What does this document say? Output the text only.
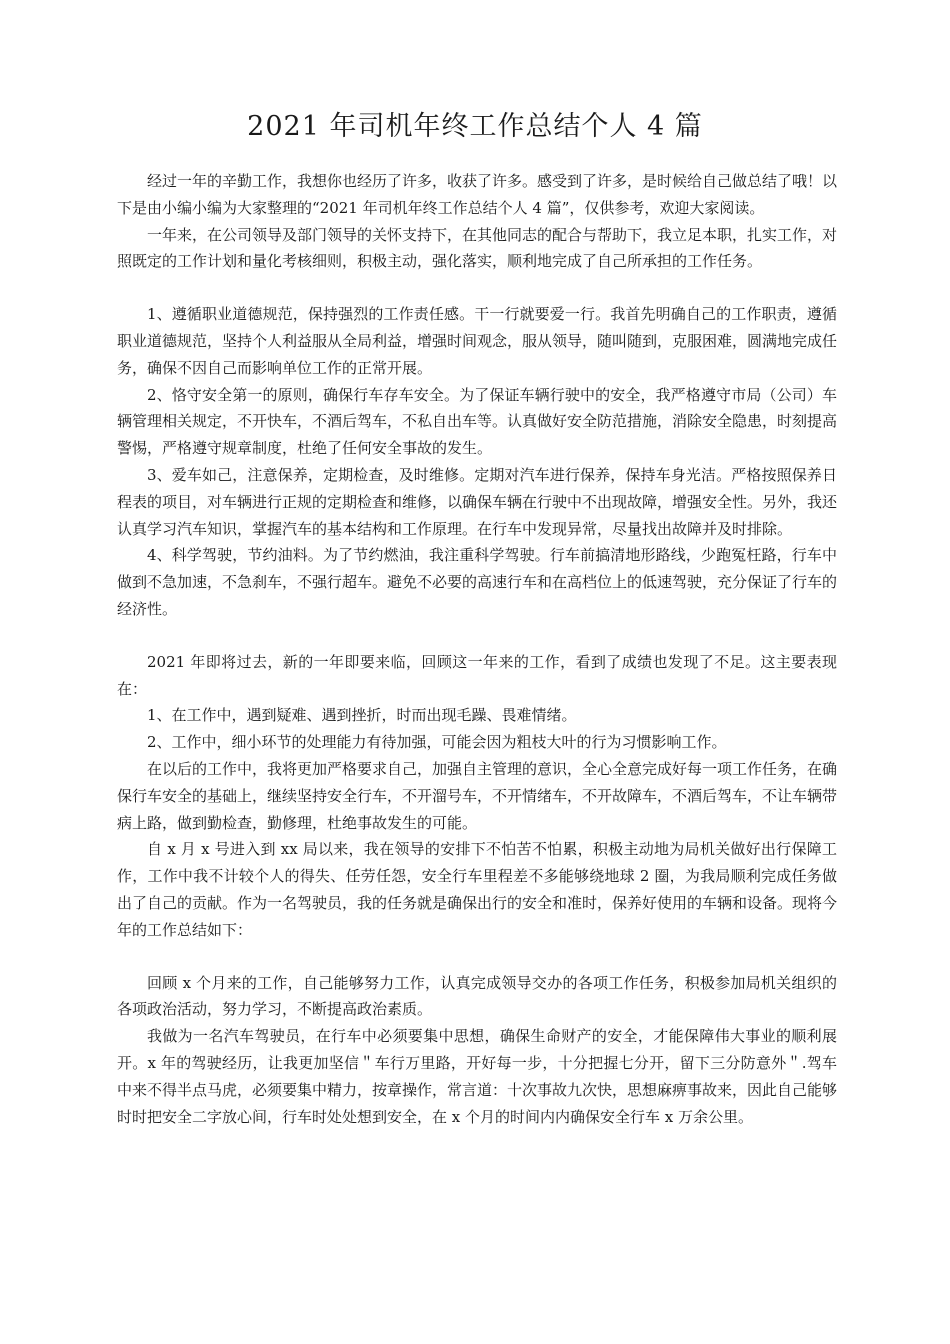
2021 年司机年终工作总结个人 4 篇

经过一年的辛勤工作，我想你也经历了许多，收获了许多。感受到了许多，是时候给自己做总结了哦！以下是由小编小编为大家整理的“2021 年司机年终工作总结个人 4 篇”，仅供参考，欢迎大家阅读。

一年来，在公司领导及部门领导的关怀支持下，在其他同志的配合与帮助下，我立足本职，扎实工作，对照既定的工作计划和量化考核细则，积极主动，强化落实，顺利地完成了自己所承担的工作任务。

1、遵循职业道德规范，保持强烈的工作责任感。干一行就要爱一行。我首先明确自己的工作职责，遵循职业道德规范，坚持个人利益服从全局利益，增强时间观念，服从领导，随叫随到，克服困难，圆满地完成任务，确保不因自己而影响单位工作的正常开展。

2、恪守安全第一的原则，确保行车存车安全。为了保证车辆行驶中的安全，我严格遵守市局（公司）车辆管理相关规定，不开快车，不酒后驾车，不私自出车等。认真做好安全防范措施，消除安全隐患，时刻提高警惕，严格遵守规章制度，杜绝了任何安全事故的发生。

3、爱车如己，注意保养，定期检查，及时维修。定期对汽车进行保养，保持车身光洁。严格按照保养日程表的项目，对车辆进行正规的定期检查和维修，以确保车辆在行驶中不出现故障，增强安全性。另外，我还认真学习汽车知识，掌握汽车的基本结构和工作原理。在行车中发现异常，尽量找出故障并及时排除。

4、科学驾驶，节约油料。为了节约燃油，我注重科学驾驶。行车前搞清地形路线，少跑冤枉路，行车中做到不急加速，不急刹车，不强行超车。避免不必要的高速行车和在高档位上的低速驾驶，充分保证了行车的经济性。

2021 年即将过去，新的一年即要来临，回顾这一年来的工作，看到了成绩也发现了不足。这主要表现在：

1、在工作中，遇到疑难、遇到挫折，时而出现毛躁、畏难情绪。

2、工作中，细小环节的处理能力有待加强，可能会因为粗枝大叶的行为习惯影响工作。

在以后的工作中，我将更加严格要求自己，加强自主管理的意识，全心全意完成好每一项工作任务，在确保行车安全的基础上，继续坚持安全行车，不开溜号车，不开情绪车，不开故障车，不酒后驾车，不让车辆带病上路，做到勤检查，勤修理，杜绝事故发生的可能。

自 x 月 x 号进入到 xx 局以来，我在领导的安排下不怕苦不怕累，积极主动地为局机关做好出行保障工作，工作中我不计较个人的得失、任劳任怨，安全行车里程差不多能够绕地球 2 圈，为我局顺利完成任务做出了自己的贡献。作为一名驾驶员，我的任务就是确保出行的安全和准时，保养好使用的车辆和设备。现将今年的工作总结如下：

回顾 x 个月来的工作，自己能够努力工作，认真完成领导交办的各项工作任务，积极参加局机关组织的各项政治活动，努力学习，不断提高政治素质。

我做为一名汽车驾驶员，在行车中必须要集中思想，确保生命财产的安全，才能保障伟大事业的顺利展开。x 年的驾驶经历，让我更加坚信＂车行万里路，开好每一步，十分把握七分开，留下三分防意外＂.驾车中来不得半点马虎，必须要集中精力，按章操作，常言道：十次事故九次快，思想麻痹事故来，因此自己能够时时把安全二字放心间，行车时处处想到安全，在 x 个月的时间内内确保安全行车 x 万余公里。
